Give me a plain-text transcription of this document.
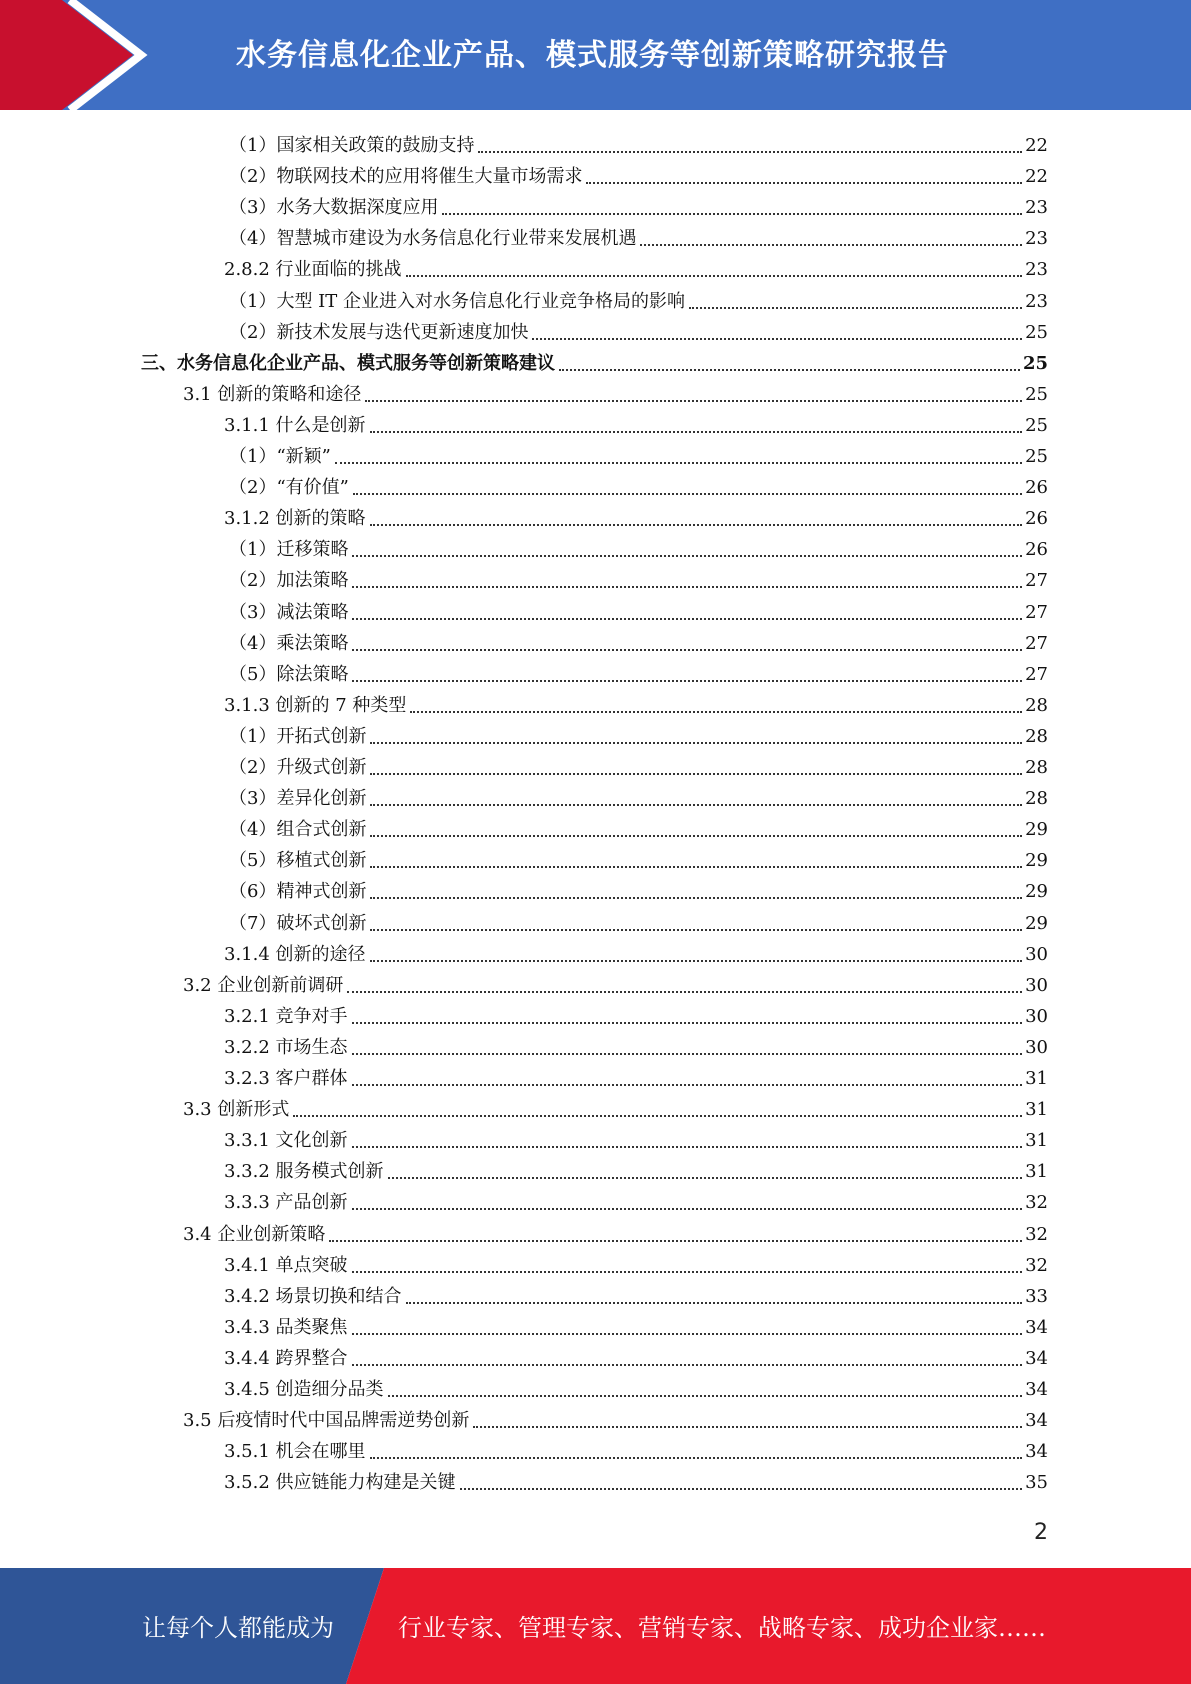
水务信息化企业产品、模式服务等创新策略研究报告
（1）国家相关政策的鼓励支持	22
（2）物联网技术的应用将催生大量市场需求	22
（3）水务大数据深度应用	23
（4）智慧城市建设为水务信息化行业带来发展机遇	23
2.8.2 行业面临的挑战	23
（1）大型 IT 企业进入对水务信息化行业竞争格局的影响	23
（2）新技术发展与迭代更新速度加快	25
三、水务信息化企业产品、模式服务等创新策略建议	25
3.1 创新的策略和途径	25
3.1.1 什么是创新	25
（1）“新颖”	25
（2）“有价值”	26
3.1.2 创新的策略	26
（1）迁移策略	26
（2）加法策略	27
（3）减法策略	27
（4）乘法策略	27
（5）除法策略	27
3.1.3 创新的 7 种类型	28
（1）开拓式创新	28
（2）升级式创新	28
（3）差异化创新	28
（4）组合式创新	29
（5）移植式创新	29
（6）精神式创新	29
（7）破坏式创新	29
3.1.4 创新的途径	30
3.2 企业创新前调研	30
3.2.1 竞争对手	30
3.2.2 市场生态	30
3.2.3 客户群体	31
3.3 创新形式	31
3.3.1 文化创新	31
3.3.2 服务模式创新	31
3.3.3 产品创新	32
3.4 企业创新策略	32
3.4.1 单点突破	32
3.4.2 场景切换和结合	33
3.4.3 品类聚焦	34
3.4.4 跨界整合	34
3.4.5 创造细分品类	34
3.5 后疫情时代中国品牌需逆势创新	34
3.5.1 机会在哪里	34
3.5.2 供应链能力构建是关键	35
2
让每个人都能成为	行业专家、管理专家、营销专家、战略专家、成功企业家……
